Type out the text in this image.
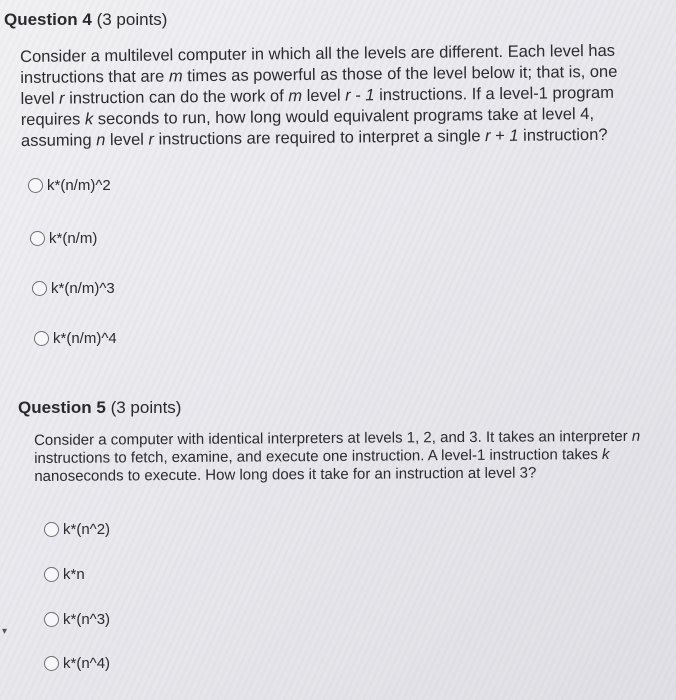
Question 4 (3 points)
Consider a multilevel computer in which all the levels are different. Each level has instructions that are m times as powerful as those of the level below it; that is, one level r instruction can do the work of m level r - 1 instructions. If a level-1 program requires k seconds to run, how long would equivalent programs take at level 4, assuming n level r instructions are required to interpret a single r + 1 instruction?
k*(n/m)^2
k*(n/m)
k*(n/m)^3
k*(n/m)^4
Question 5 (3 points)
Consider a computer with identical interpreters at levels 1, 2, and 3. It takes an interpreter n instructions to fetch, examine, and execute one instruction. A level-1 instruction takes k nanoseconds to execute. How long does it take for an instruction at level 3?
k*(n^2)
k*n
k*(n^3)
k*(n^4)
▾
